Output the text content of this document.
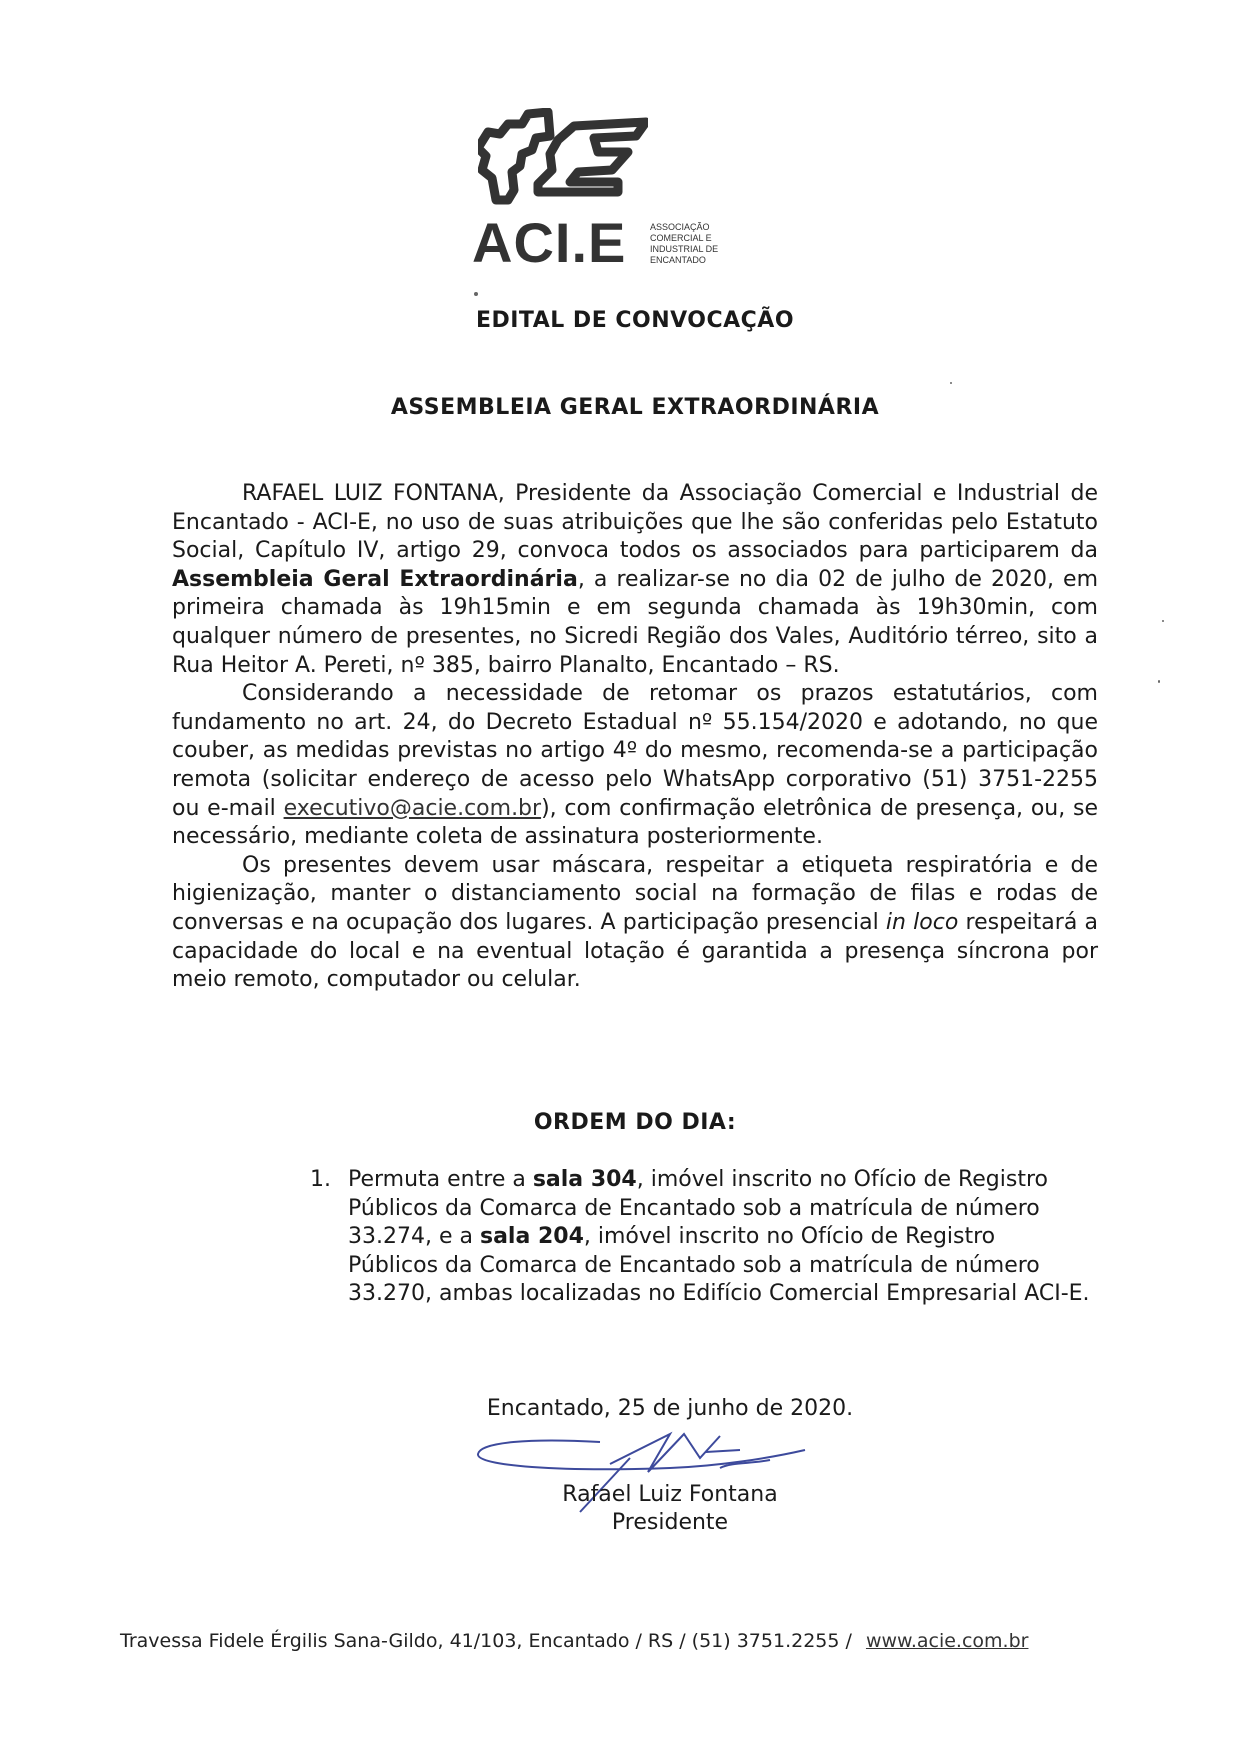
ACI.E	ASSOCIAÇÃO
COMERCIAL E
INDUSTRIAL DE
ENCANTADO
EDITAL DE CONVOCAÇÃO
ASSEMBLEIA GERAL EXTRAORDINÁRIA

RAFAEL LUIZ FONTANA, Presidente da Associação Comercial e Industrial de Encantado - ACI-E, no uso de suas atribuições que lhe são conferidas pelo Estatuto Social, Capítulo IV, artigo 29, convoca todos os associados para participarem da Assembleia Geral Extraordinária, a realizar-se no dia 02 de julho de 2020, em primeira chamada às 19h15min e em segunda chamada às 19h30min, com qualquer número de presentes, no Sicredi Região dos Vales, Auditório térreo, sito a Rua Heitor A. Pereti, nº 385, bairro Planalto, Encantado – RS.

Considerando a necessidade de retomar os prazos estatutários, com fundamento no art. 24, do Decreto Estadual nº 55.154/2020 e adotando, no que couber, as medidas previstas no artigo 4º do mesmo, recomenda-se a participação remota (solicitar endereço de acesso pelo WhatsApp corporativo (51) 3751-2255 ou e-mail executivo@acie.com.br), com confirmação eletrônica de presença, ou, se necessário, mediante coleta de assinatura posteriormente.

Os presentes devem usar máscara, respeitar a etiqueta respiratória e de higienização, manter o distanciamento social na formação de filas e rodas de conversas e na ocupação dos lugares. A participação presencial in loco respeitará a capacidade do local e na eventual lotação é garantida a presença síncrona por meio remoto, computador ou celular.

ORDEM DO DIA:
1. Permuta entre a sala 304, imóvel inscrito no Ofício de Registro Públicos da Comarca de Encantado sob a matrícula de número 33.274, e a sala 204, imóvel inscrito no Ofício de Registro Públicos da Comarca de Encantado sob a matrícula de número 33.270, ambas localizadas no Edifício Comercial Empresarial ACI-E.
Encantado, 25 de junho de 2020.
Rafael Luiz Fontana
Presidente
Travessa Fidele Érgilis Sana-Gildo, 41/103, Encantado / RS / (51) 3751.2255 / www.acie.com.br
